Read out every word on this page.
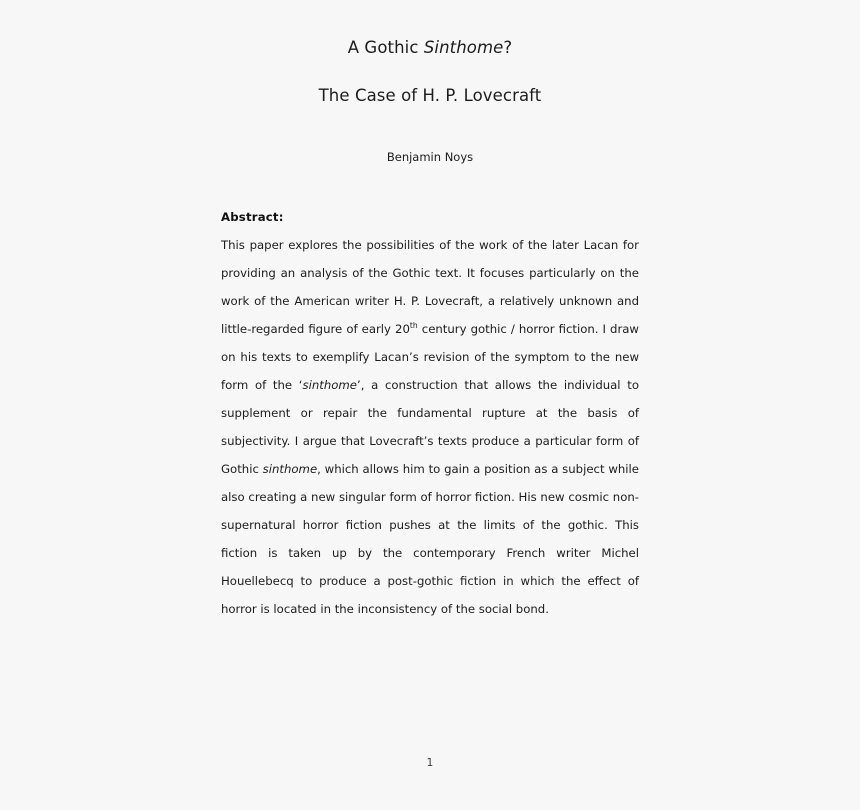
A Gothic Sinthome?
The Case of H. P. Lovecraft
Benjamin Noys
Abstract:

This paper explores the possibilities of the work of the later Lacan for providing an analysis of the Gothic text. It focuses particularly on the work of the American writer H. P. Lovecraft, a relatively unknown and little-regarded figure of early 20th century gothic / horror fiction. I draw on his texts to exemplify Lacan’s revision of the symptom to the new form of the ‘sinthome’, a construction that allows the individual to supplement or repair the fundamental rupture at the basis of subjectivity. I argue that Lovecraft’s texts produce a particular form of Gothic sinthome, which allows him to gain a position as a subject while also creating a new singular form of horror fiction. His new cosmic non-supernatural horror fiction pushes at the limits of the gothic. This fiction is taken up by the contemporary French writer Michel Houellebecq to produce a post-gothic fiction in which the effect of horror is located in the inconsistency of the social bond.

1
